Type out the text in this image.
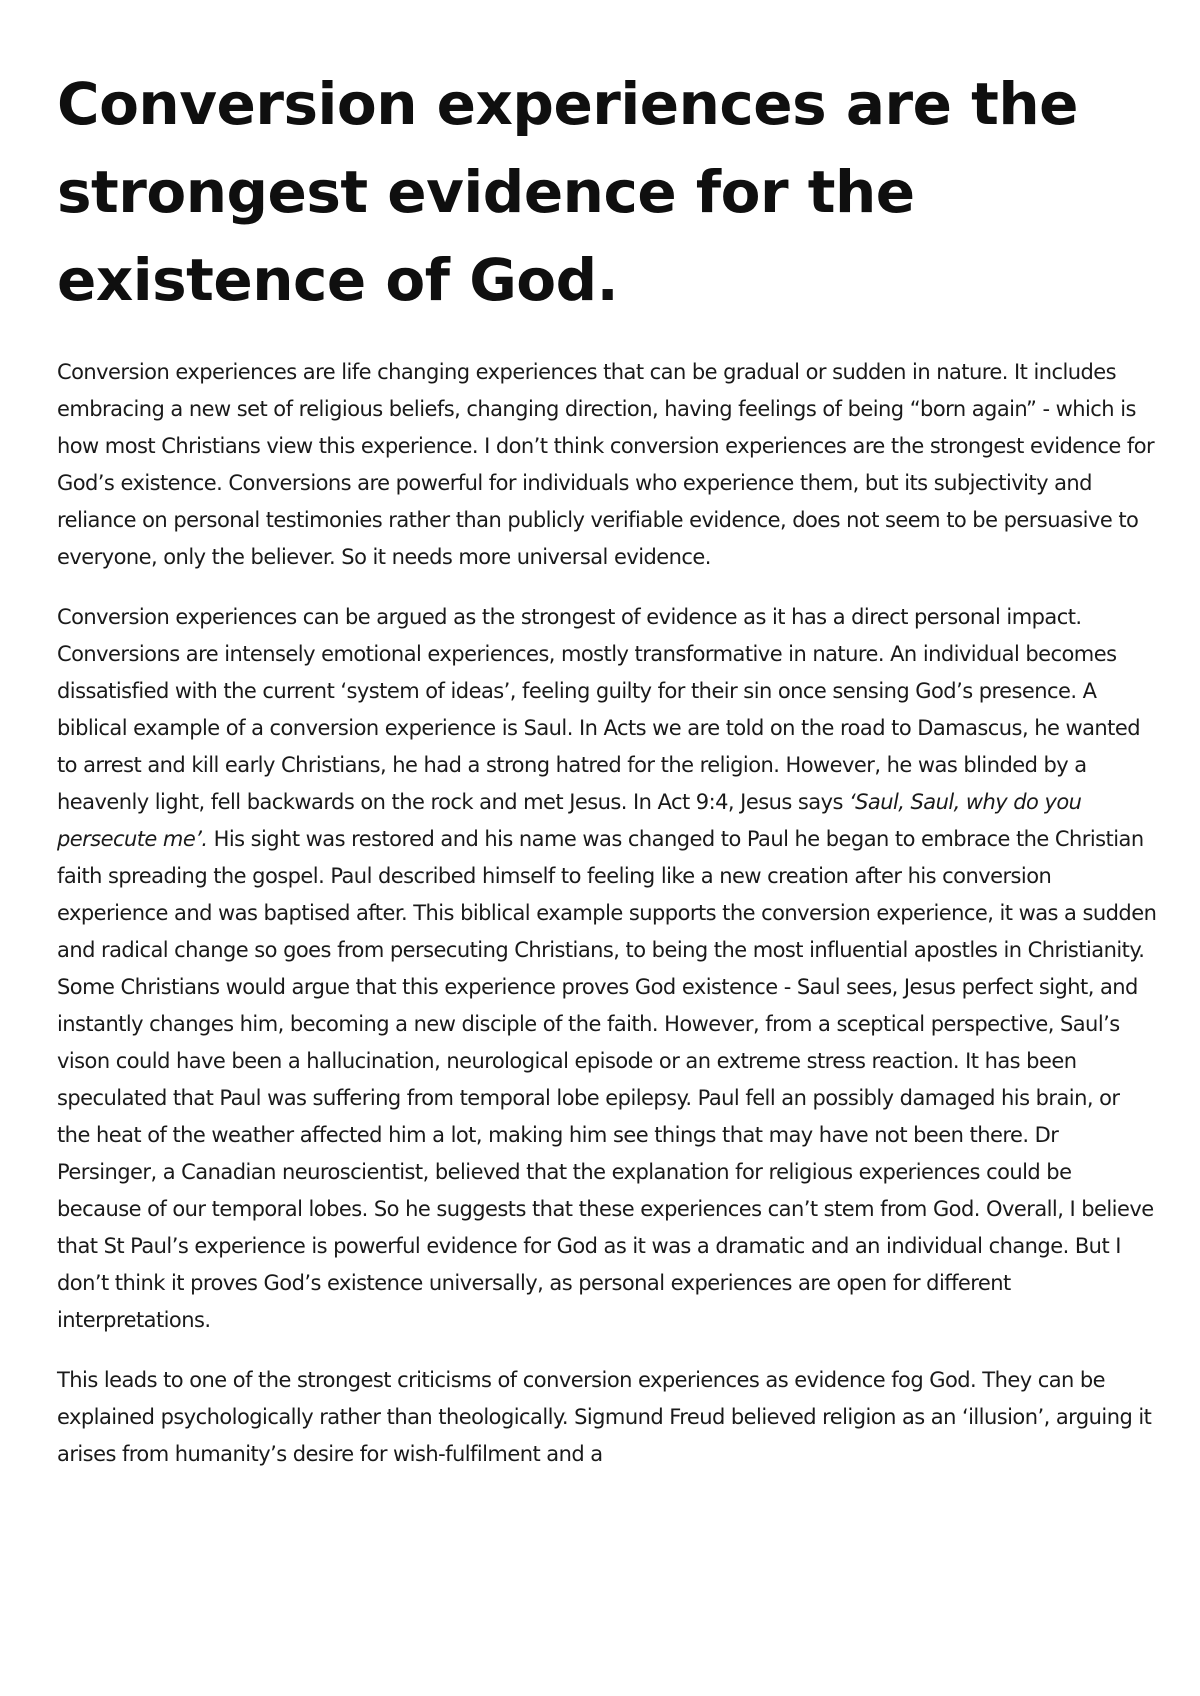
Conversion experiences are the strongest evidence for the existence of God.

Conversion experiences are life changing experiences that can be gradual or sudden in nature. It includes embracing a new set of religious beliefs, changing direction, having feelings of being “born again” - which is how most Christians view this experience. I don’t think conversion experiences are the strongest evidence for God’s existence. Conversions are powerful for individuals who experience them, but its subjectivity and reliance on personal testimonies rather than publicly verifiable evidence, does not seem to be persuasive to everyone, only the believer. So it needs more universal evidence.

Conversion experiences can be argued as the strongest of evidence as it has a direct personal impact. Conversions are intensely emotional experiences, mostly transformative in nature. An individual becomes dissatisfied with the current ‘system of ideas’, feeling guilty for their sin once sensing God’s presence. A biblical example of a conversion experience is Saul. In Acts we are told on the road to Damascus, he wanted to arrest and kill early Christians, he had a strong hatred for the religion. However, he was blinded by a heavenly light, fell backwards on the rock and met Jesus. In Act 9:4, Jesus says ‘Saul, Saul, why do you persecute me’. His sight was restored and his name was changed to Paul he began to embrace the Christian faith spreading the gospel. Paul described himself to feeling like a new creation after his conversion experience and was baptised after. This biblical example supports the conversion experience, it was a sudden and radical change so goes from persecuting Christians, to being the most influential apostles in Christianity. Some Christians would argue that this experience proves God existence - Saul sees, Jesus perfect sight, and instantly changes him, becoming a new disciple of the faith. However, from a sceptical perspective, Saul’s vison could have been a hallucination, neurological episode or an extreme stress reaction. It has been speculated that Paul was suffering from temporal lobe epilepsy. Paul fell an possibly damaged his brain, or the heat of the weather affected him a lot, making him see things that may have not been there. Dr Persinger, a Canadian neuroscientist, believed that the explanation for religious experiences could be because of our temporal lobes. So he suggests that these experiences can’t stem from God. Overall, I believe that St Paul’s experience is powerful evidence for God as it was a dramatic and an individual change. But I don’t think it proves God’s existence universally, as personal experiences are open for different interpretations.

This leads to one of the strongest criticisms of conversion experiences as evidence fog God. They can be explained psychologically rather than theologically. Sigmund Freud believed religion as an ‘illusion’, arguing it arises from humanity’s desire for wish-fulfilment and a
